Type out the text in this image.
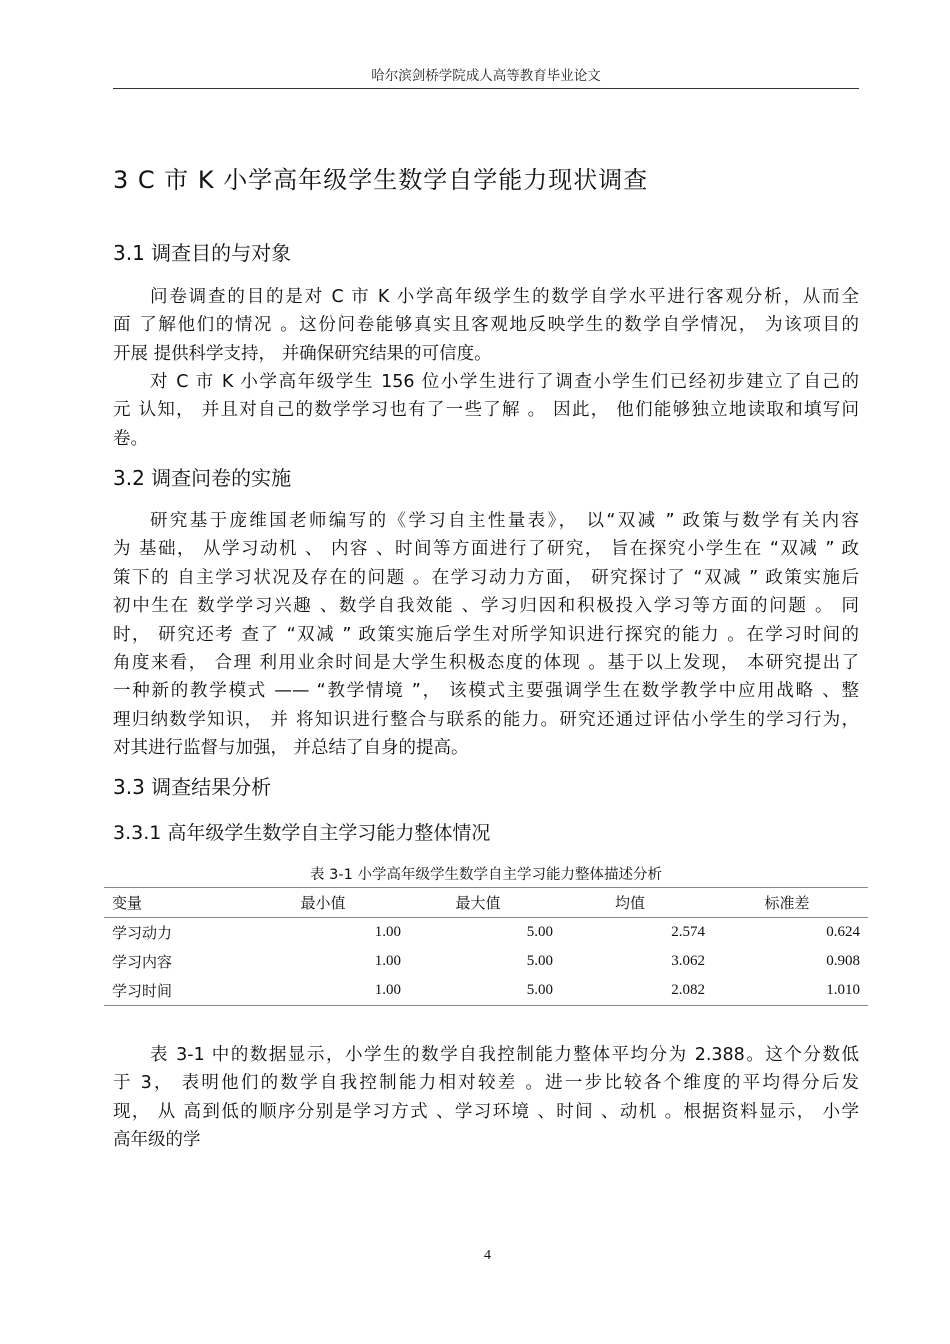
哈尔滨剑桥学院成人高等教育毕业论文
3 C 市 K 小学高年级学生数学自学能力现状调查
3.1 调查目的与对象
问卷调查的目的是对 C 市 K 小学高年级学生的数学自学水平进行客观分析，从而全
面 了解他们的情况 。这份问卷能够真实且客观地反映学生的数学自学情况， 为该项目的
开展 提供科学支持， 并确保研究结果的可信度。
对 C 市 K 小学高年级学生 156 位小学生进行了调查小学生们已经初步建立了自己的
元 认知， 并且对自己的数学学习也有了一些了解 。 因此， 他们能够独立地读取和填写问
卷。
3.2 调查问卷的实施
研究基于庞维国老师编写的《学习自主性量表》， 以“双减 ” 政策与数学有关内容
为 基础， 从学习动机 、 内容 、时间等方面进行了研究， 旨在探究小学生在 “双减 ” 政
策下的 自主学习状况及存在的问题 。在学习动力方面， 研究探讨了 “双减 ” 政策实施后
初中生在 数学学习兴趣 、数学自我效能 、学习归因和积极投入学习等方面的问题 。 同
时， 研究还考 查了 “双减 ” 政策实施后学生对所学知识进行探究的能力 。在学习时间的
角度来看， 合理 利用业余时间是大学生积极态度的体现 。基于以上发现， 本研究提出了
一种新的教学模式 —— “教学情境 ”， 该模式主要强调学生在数学教学中应用战略 、整
理归纳数学知识， 并 将知识进行整合与联系的能力。研究还通过评估小学生的学习行为，
对其进行监督与加强， 并总结了自身的提高。
3.3 调查结果分析
3.3.1 高年级学生数学自主学习能力整体情况
表 3-1 小学高年级学生数学自主学习能力整体描述分析
变量	最小值	最大值	均值	标准差
学习动力	1.00	5.00	2.574	0.624
学习内容	1.00	5.00	3.062	0.908
学习时间	1.00	5.00	2.082	1.010
表 3-1 中的数据显示，小学生的数学自我控制能力整体平均分为 2.388。这个分数低
于 3， 表明他们的数学自我控制能力相对较差 。进一步比较各个维度的平均得分后发
现， 从 高到低的顺序分别是学习方式 、学习环境 、时间 、动机 。根据资料显示， 小学
高年级的学
4
